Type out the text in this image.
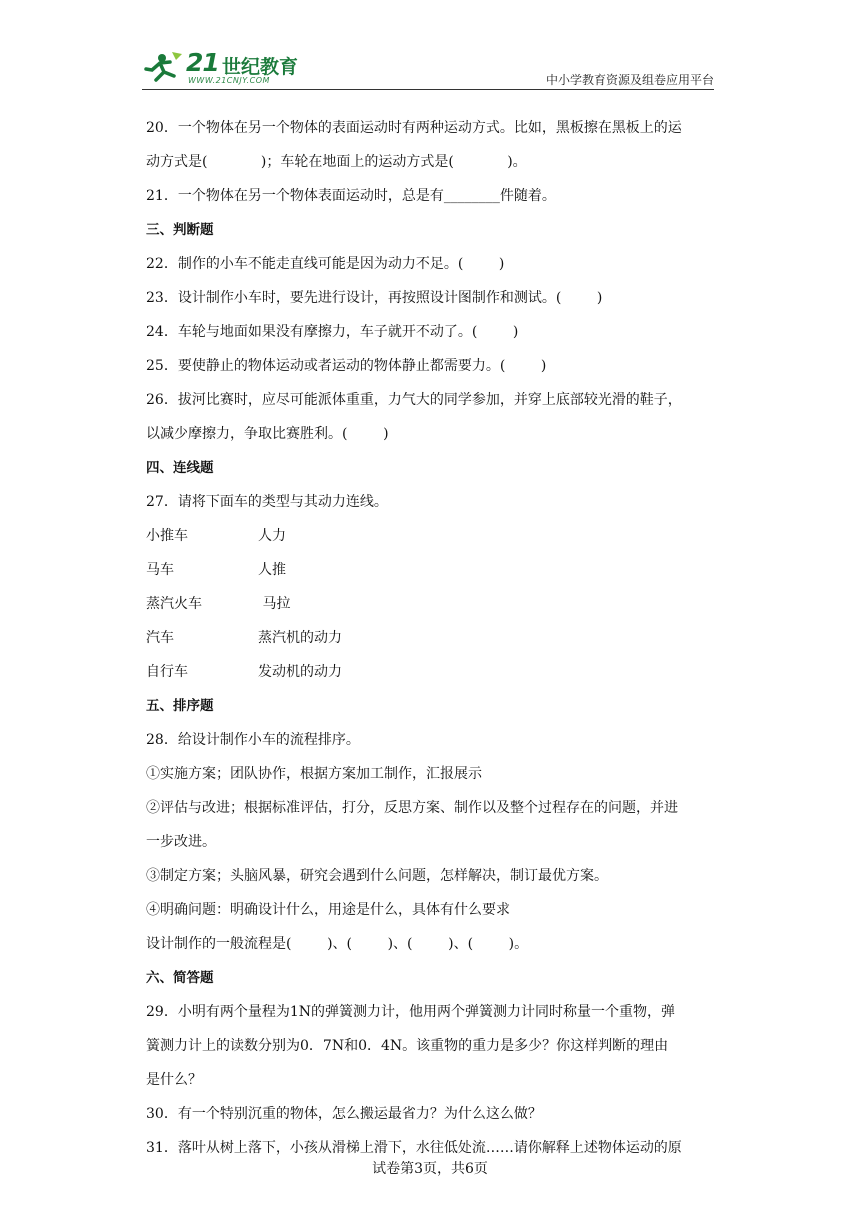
21 世纪教育
WWW.21CNJY.COM	中小学教育资源及组卷应用平台
20．一个物体在另一个物体的表面运动时有两种运动方式。比如，黑板擦在黑板上的运
动方式是(            )；车轮在地面上的运动方式是(            )。
21．一个物体在另一个物体表面运动时，总是有________件随着。
三、判断题
22．制作的小车不能走直线可能是因为动力不足。(        )
23．设计制作小车时，要先进行设计，再按照设计图制作和测试。(        )
24．车轮与地面如果没有摩擦力，车子就开不动了。(        )
25．要使静止的物体运动或者运动的物体静止都需要力。(        )
26．拔河比赛时，应尽可能派体重重，力气大的同学参加，并穿上底部较光滑的鞋子，
以减少摩擦力，争取比赛胜利。(        )
四、连线题
27．请将下面车的类型与其动力连线。
小推车	人力
马车	人推
蒸汽火车	马拉
汽车	蒸汽机的动力
自行车	发动机的动力
五、排序题
28．给设计制作小车的流程排序。
①实施方案；团队协作，根据方案加工制作，汇报展示
②评估与改进；根据标准评估，打分，反思方案、制作以及整个过程存在的问题，并进
一步改进。
③制定方案；头脑风暴，研究会遇到什么问题，怎样解决，制订最优方案。
④明确问题：明确设计什么，用途是什么，具体有什么要求
设计制作的一般流程是(        )、(        )、(        )、(        )。
六、简答题
29．小明有两个量程为1N的弹簧测力计，他用两个弹簧测力计同时称量一个重物，弹
簧测力计上的读数分别为0．7N和0．4N。该重物的重力是多少？你这样判断的理由
是什么？
30．有一个特别沉重的物体，怎么搬运最省力？为什么这么做？
31．落叶从树上落下，小孩从滑梯上滑下，水往低处流……请你解释上述物体运动的原
试卷第3页，共6页
